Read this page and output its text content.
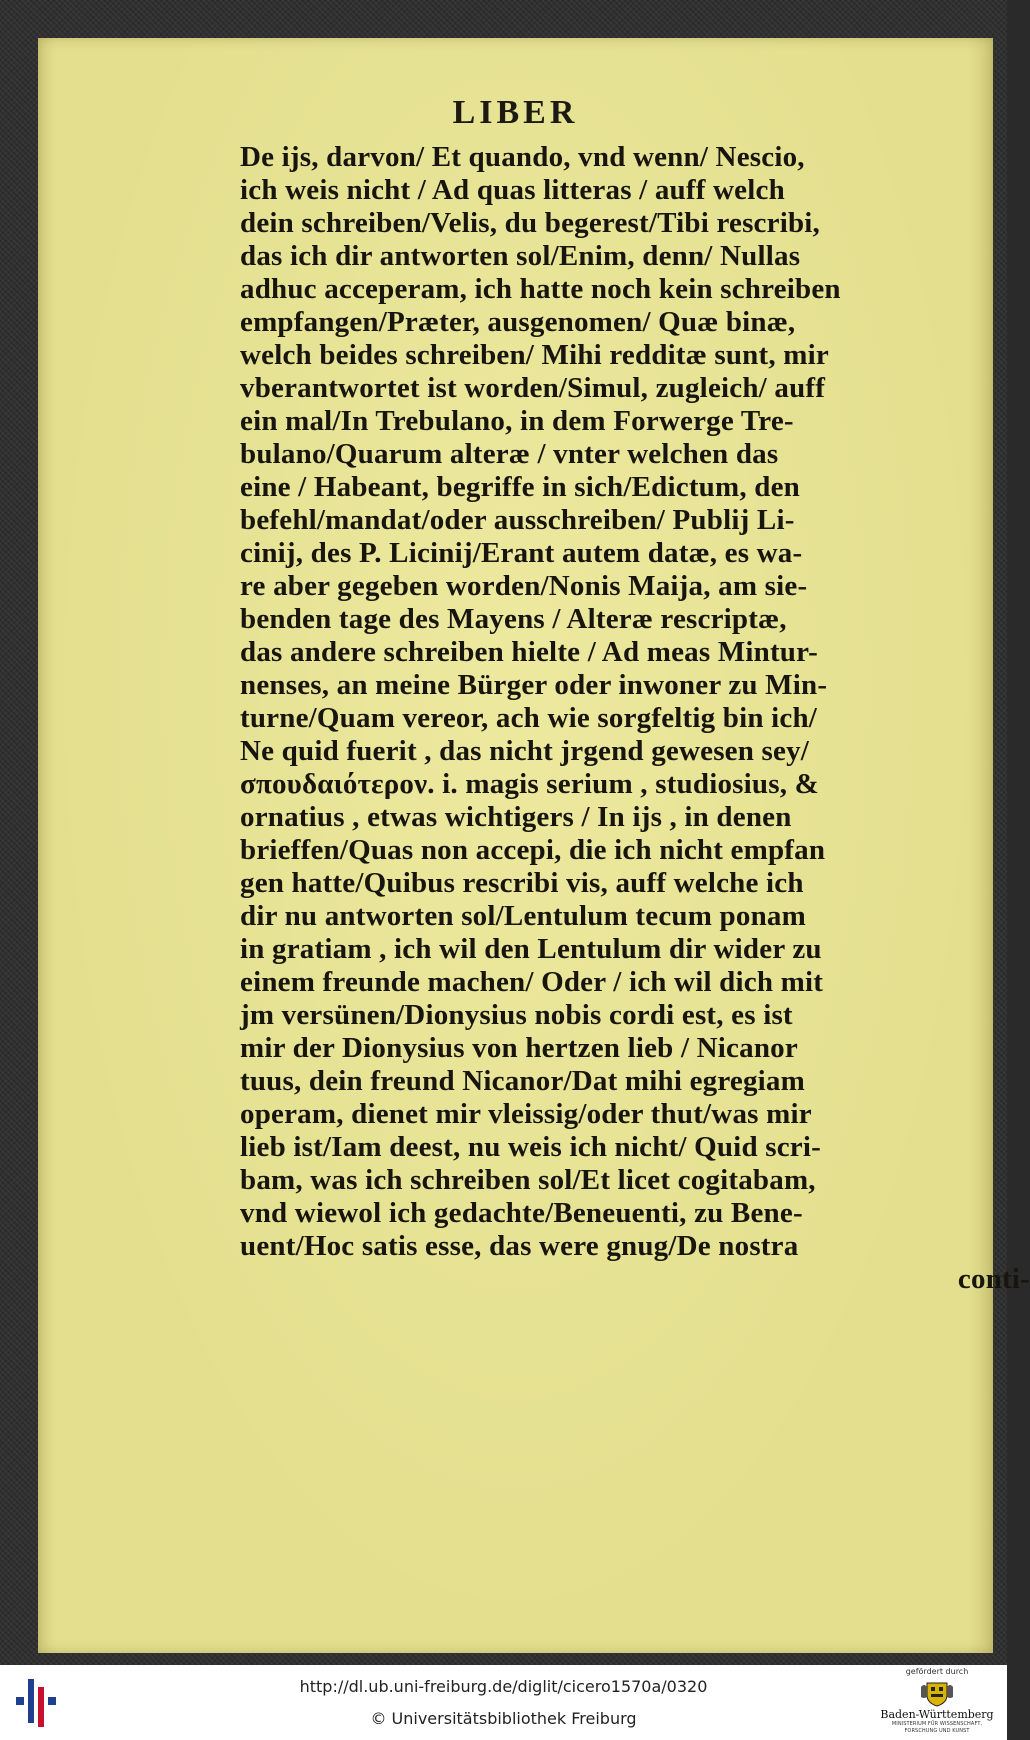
LIBER
De ijs, darvon/ Et quando, vnd wenn/ Nescio,
ich weis nicht / Ad quas litteras / auff welch
dein schreiben/Velis, du begerest/Tibi rescribi,
das ich dir antworten sol/Enim, denn/ Nullas
adhuc acceperam, ich hatte noch kein schreiben
empfangen/Præter, ausgenomen/ Quæ binæ,
welch beides schreiben/ Mihi redditæ sunt, mir
vberantwortet ist worden/Simul, zugleich/ auff
ein mal/In Trebulano, in dem Forwerge Tre-
bulano/Quarum alteræ / vnter welchen das
eine / Habeant, begriffe in sich/Edictum, den
befehl/mandat/oder ausschreiben/ Publij Li-
cinij, des P. Licinij/Erant autem datæ, es wa-
re aber gegeben worden/Nonis Maija, am sie-
benden tage des Mayens / Alteræ rescriptæ,
das andere schreiben hielte / Ad meas Mintur-
nenses, an meine Bürger oder inwoner zu Min-
turne/Quam vereor, ach wie sorgfeltig bin ich/
Ne quid fuerit , das nicht jrgend gewesen sey/
σπουδαιότερον. i. magis serium , studiosius, &
ornatius , etwas wichtigers / In ijs , in denen
brieffen/Quas non accepi, die ich nicht empfan
gen hatte/Quibus rescribi vis, auff welche ich
dir nu antworten sol/Lentulum tecum ponam
in gratiam , ich wil den Lentulum dir wider zu
einem freunde machen/ Oder / ich wil dich mit
jm versünen/Dionysius nobis cordi est, es ist
mir der Dionysius von hertzen lieb / Nicanor
tuus, dein freund Nicanor/Dat mihi egregiam
operam, dienet mir vleissig/oder thut/was mir
lieb ist/Iam deest, nu weis ich nicht/ Quid scri-
bam, was ich schreiben sol/Et licet cogitabam,
vnd wiewol ich gedachte/Beneuenti, zu Bene-
uent/Hoc satis esse, das were gnug/De nostra
conti-
http://dl.ub.uni-freiburg.de/diglit/cicero1570a/0320
© Universitätsbibliothek Freiburg
gefördert durch
Baden-Württemberg
MINISTERIUM FÜR WISSENSCHAFT, FORSCHUNG UND KUNST
